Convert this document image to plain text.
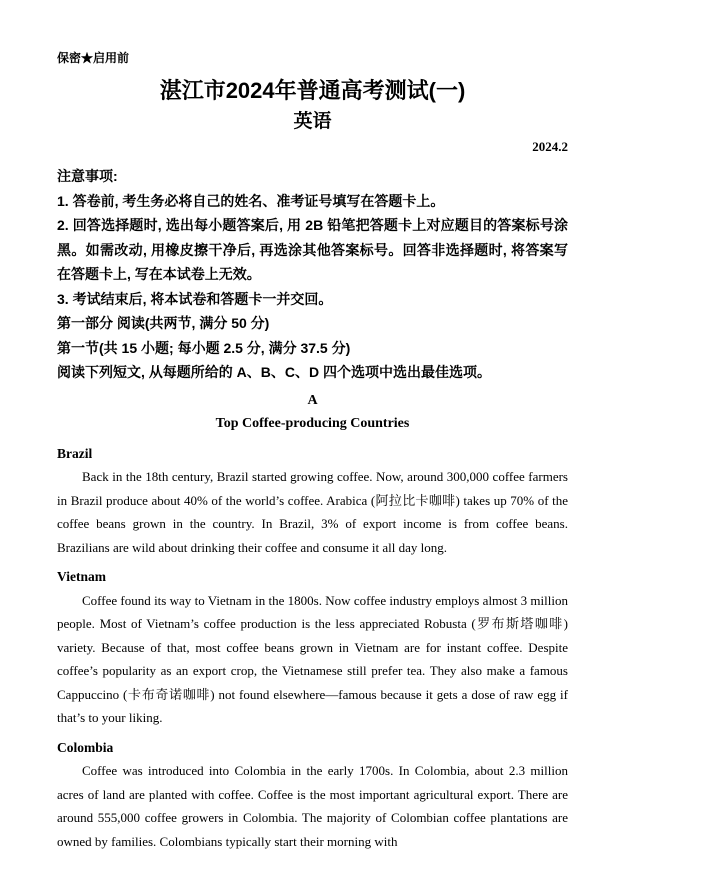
保密★启用前
湛江市2024年普通高考测试(一)
英语
2024.2
注意事项:
1. 答卷前, 考生务必将自己的姓名、准考证号填写在答题卡上。
2. 回答选择题时, 选出每小题答案后, 用 2B 铅笔把答题卡上对应题目的答案标号涂黑。如需改动, 用橡皮擦干净后, 再选涂其他答案标号。回答非选择题时, 将答案写在答题卡上, 写在本试卷上无效。
3. 考试结束后, 将本试卷和答题卡一并交回。
第一部分 阅读(共两节, 满分 50 分)
第一节(共 15 小题; 每小题 2.5 分, 满分 37.5 分)
阅读下列短文, 从每题所给的 A、B、C、D 四个选项中选出最佳选项。
A
Top Coffee-producing Countries
Brazil

Back in the 18th century, Brazil started growing coffee. Now, around 300,000 coffee farmers in Brazil produce about 40% of the world’s coffee. Arabica (阿拉比卡咖啡) takes up 70% of the coffee beans grown in the country. In Brazil, 3% of export income is from coffee beans. Brazilians are wild about drinking their coffee and consume it all day long.

Vietnam

Coffee found its way to Vietnam in the 1800s. Now coffee industry employs almost 3 million people. Most of Vietnam’s coffee production is the less appreciated Robusta (罗布斯塔咖啡) variety. Because of that, most coffee beans grown in Vietnam are for instant coffee. Despite coffee’s popularity as an export crop, the Vietnamese still prefer tea. They also make a famous Cappuccino (卡布奇诺咖啡) not found elsewhere—famous because it gets a dose of raw egg if that’s to your liking.

Colombia

Coffee was introduced into Colombia in the early 1700s. In Colombia, about 2.3 million acres of land are planted with coffee. Coffee is the most important agricultural export. There are around 555,000 coffee growers in Colombia. The majority of Colombian coffee plantations are owned by families. Colombians typically start their morning with
